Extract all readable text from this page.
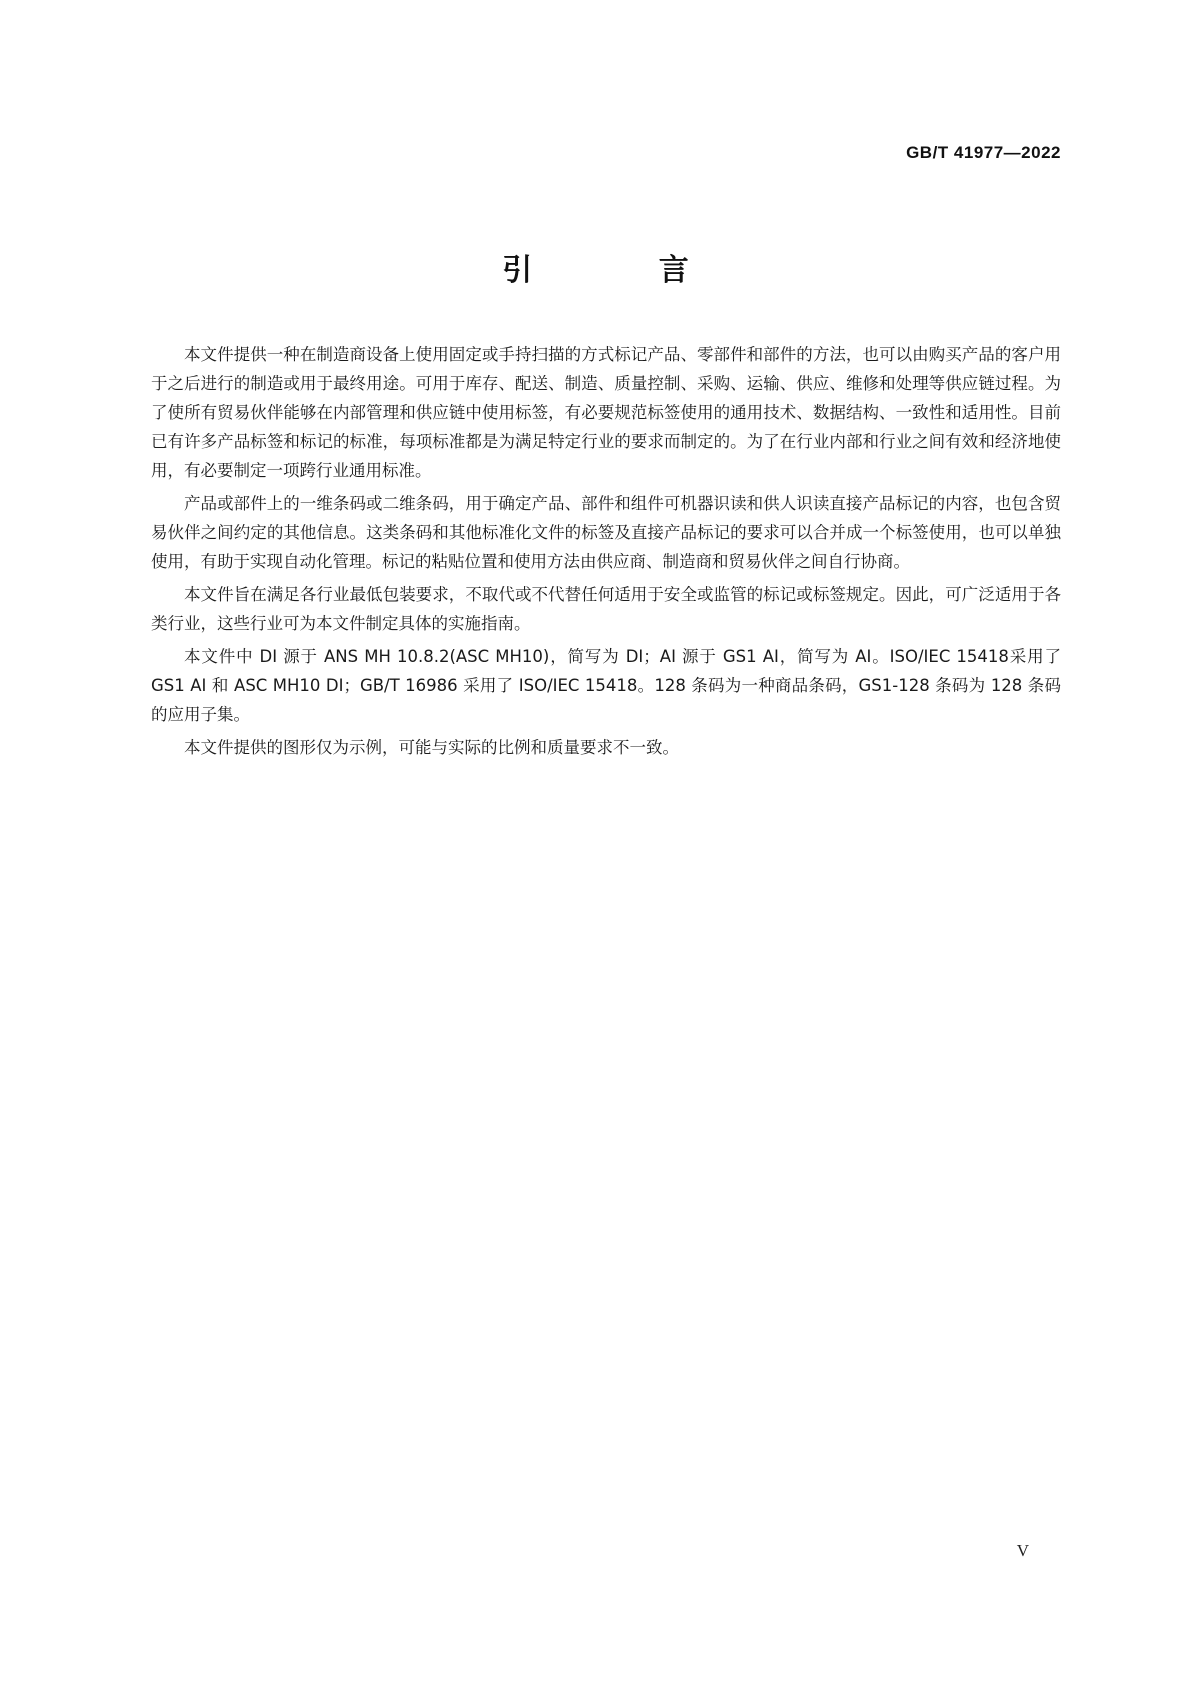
GB/T 41977—2022
引 言

本文件提供一种在制造商设备上使用固定或手持扫描的方式标记产品、零部件和部件的方法，也可以由购买产品的客户用于之后进行的制造或用于最终用途。可用于库存、配送、制造、质量控制、采购、运输、供应、维修和处理等供应链过程。为了使所有贸易伙伴能够在内部管理和供应链中使用标签，有必要规范标签使用的通用技术、数据结构、一致性和适用性。目前已有许多产品标签和标记的标准，每项标准都是为满足特定行业的要求而制定的。为了在行业内部和行业之间有效和经济地使用，有必要制定一项跨行业通用标准。

产品或部件上的一维条码或二维条码，用于确定产品、部件和组件可机器识读和供人识读直接产品标记的内容，也包含贸易伙伴之间约定的其他信息。这类条码和其他标准化文件的标签及直接产品标记的要求可以合并成一个标签使用，也可以单独使用，有助于实现自动化管理。标记的粘贴位置和使用方法由供应商、制造商和贸易伙伴之间自行协商。

本文件旨在满足各行业最低包装要求，不取代或不代替任何适用于安全或监管的标记或标签规定。因此，可广泛适用于各类行业，这些行业可为本文件制定具体的实施指南。

本文件中 DI 源于 ANS MH 10.8.2(ASC MH10)，简写为 DI；AI 源于 GS1 AI，简写为 AI。ISO/IEC 15418采用了 GS1 AI 和 ASC MH10 DI；GB/T 16986 采用了 ISO/IEC 15418。128 条码为一种商品条码，GS1-128 条码为 128 条码的应用子集。

本文件提供的图形仅为示例，可能与实际的比例和质量要求不一致。

V
